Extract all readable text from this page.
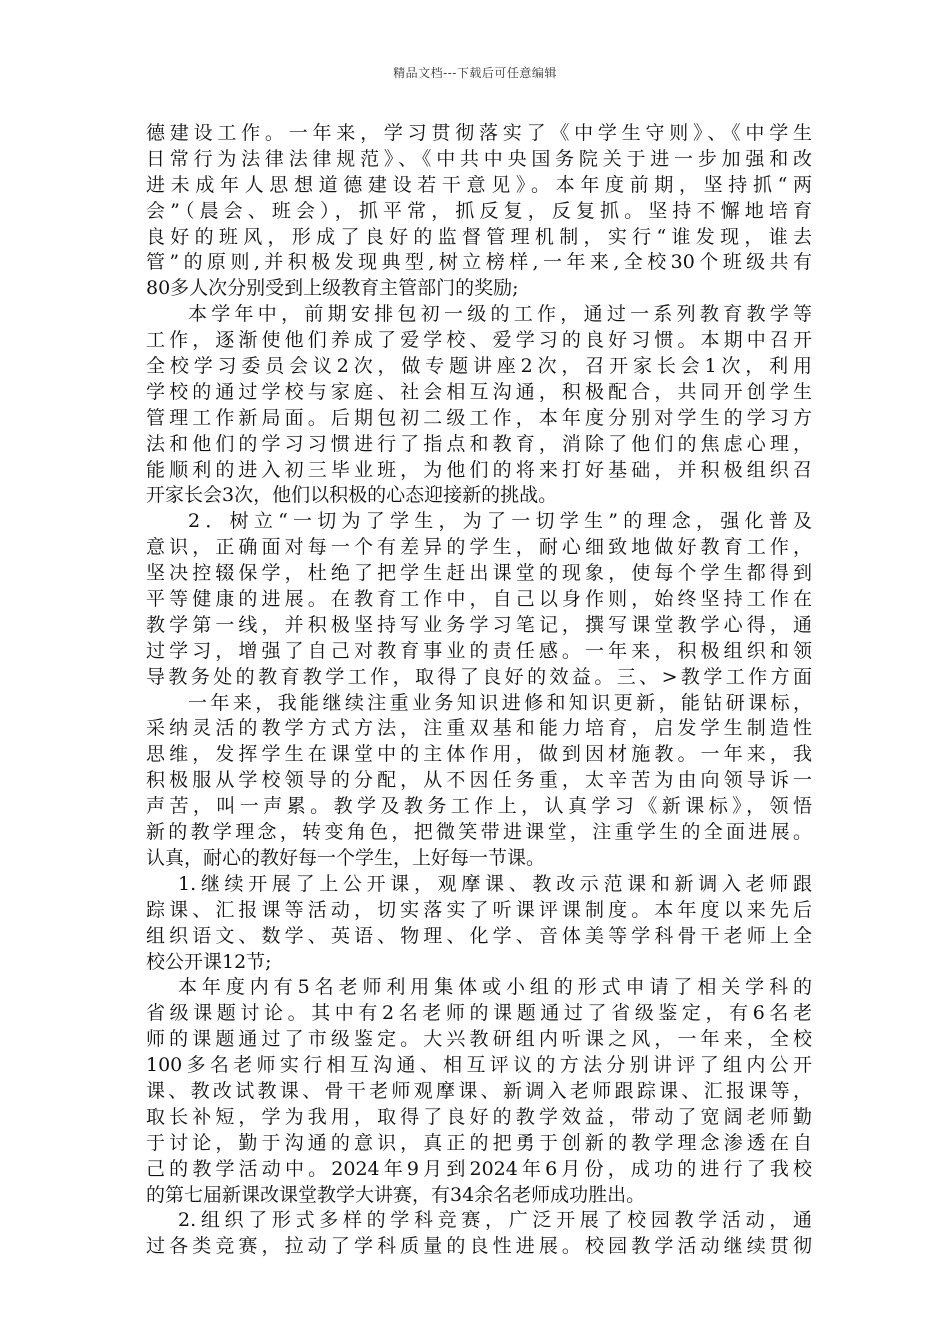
精品文档---下载后可任意编辑
德建设工作。一年来，学习贯彻落实了《中学生守则》、《中学生
日常行为法律法律规范》、《中共中央国务院关于进一步加强和改
进未成年人思想道德建设若干意见》。本年度前期，坚持抓“两
会”（晨会、班会），抓平常，抓反复，反复抓。坚持不懈地培育
良好的班风，形成了良好的监督管理机制，实行“谁发现，谁去
管”的原则,并积极发现典型,树立榜样,一年来,全校30个班级共有
80多人次分别受到上级教育主管部门的奖励;
本学年中，前期安排包初一级的工作，通过一系列教育教学等
工作，逐渐使他们养成了爱学校、爱学习的良好习惯。本期中召开
全校学习委员会议2次，做专题讲座2次，召开家长会1次，利用
学校的通过学校与家庭、社会相互沟通，积极配合，共同开创学生
管理工作新局面。后期包初二级工作，本年度分别对学生的学习方
法和他们的学习习惯进行了指点和教育，消除了他们的焦虑心理，
能顺利的进入初三毕业班，为他们的将来打好基础，并积极组织召
开家长会3次，他们以积极的心态迎接新的挑战。
2．树立“一切为了学生，为了一切学生”的理念，强化普及
意识，正确面对每一个有差异的学生，耐心细致地做好教育工作，
坚决控辍保学，杜绝了把学生赶出课堂的现象，使每个学生都得到
平等健康的进展。在教育工作中，自己以身作则，始终坚持工作在
教学第一线，并积极坚持写业务学习笔记，撰写课堂教学心得，通
过学习，增强了自己对教育事业的责任感。一年来，积极组织和领
导教务处的教育教学工作，取得了良好的效益。三、>教学工作方面
一年来，我能继续注重业务知识进修和知识更新，能钻研课标，
采纳灵活的教学方式方法，注重双基和能力培育，启发学生制造性
思维，发挥学生在课堂中的主体作用，做到因材施教。一年来，我
积极服从学校领导的分配，从不因任务重，太辛苦为由向领导诉一
声苦，叫一声累。教学及教务工作上，认真学习《新课标》，领悟
新的教学理念，转变角色，把微笑带进课堂，注重学生的全面进展。
认真，耐心的教好每一个学生，上好每一节课。
1.继续开展了上公开课，观摩课、教改示范课和新调入老师跟
踪课、汇报课等活动，切实落实了听课评课制度。本年度以来先后
组织语文、数学、英语、物理、化学、音体美等学科骨干老师上全
校公开课12节;
本年度内有5名老师利用集体或小组的形式申请了相关学科的
省级课题讨论。其中有2名老师的课题通过了省级鉴定，有6名老
师的课题通过了市级鉴定。大兴教研组内听课之风，一年来，全校
100多名老师实行相互沟通、相互评议的方法分别讲评了组内公开
课、教改试教课、骨干老师观摩课、新调入老师跟踪课、汇报课等，
取长补短，学为我用，取得了良好的教学效益，带动了宽阔老师勤
于讨论，勤于沟通的意识，真正的把勇于创新的教学理念渗透在自
己的教学活动中。2024年9月到2024年6月份，成功的进行了我校
的第七届新课改课堂教学大讲赛，有34余名老师成功胜出。
2.组织了形式多样的学科竞赛，广泛开展了校园教学活动，通
过各类竞赛，拉动了学科质量的良性进展。校园教学活动继续贯彻
